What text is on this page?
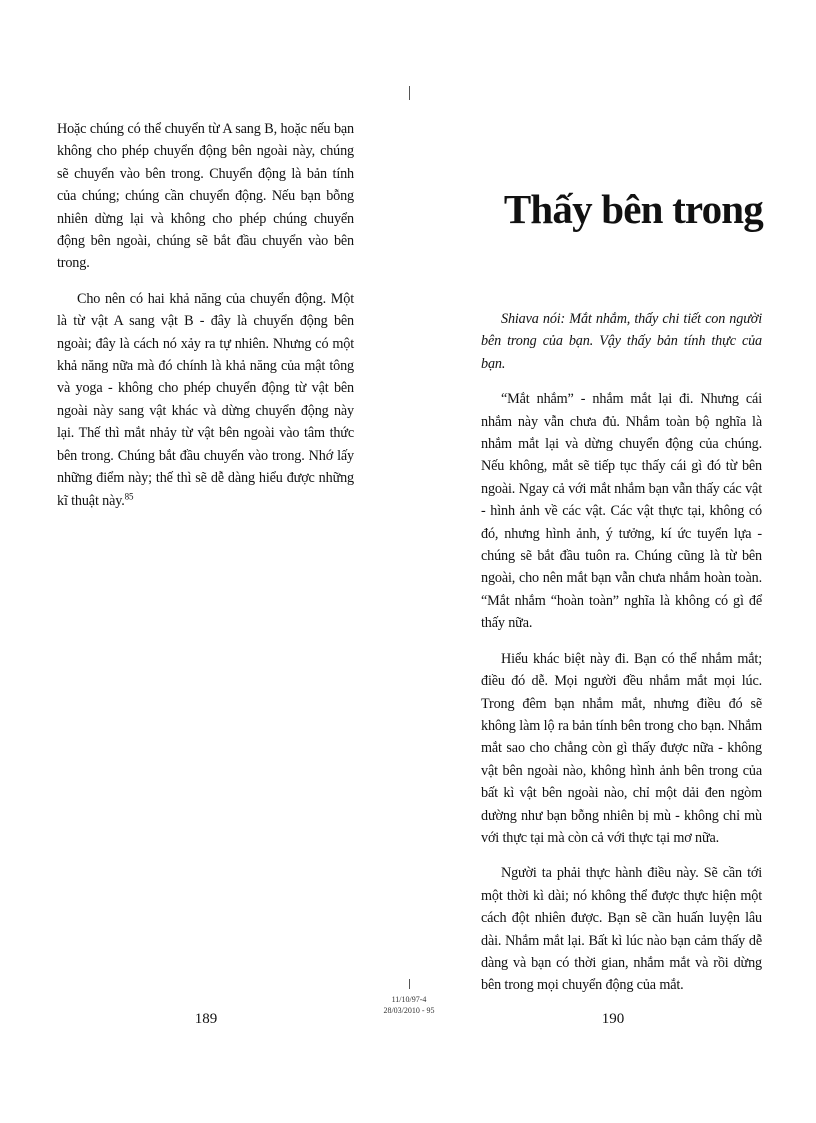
Hoặc chúng có thể chuyển từ A sang B, hoặc nếu bạn không cho phép chuyển động bên ngoài này, chúng sẽ chuyển vào bên trong. Chuyển động là bản tính của chúng; chúng cần chuyển động. Nếu bạn bỗng nhiên dừng lại và không cho phép chúng chuyển động bên ngoài, chúng sẽ bắt đầu chuyển vào bên trong.

Cho nên có hai khả năng của chuyển động. Một là từ vật A sang vật B - đây là chuyển động bên ngoài; đây là cách nó xảy ra tự nhiên. Nhưng có một khả năng nữa mà đó chính là khả năng của mật tông và yoga - không cho phép chuyển động từ vật bên ngoài này sang vật khác và dừng chuyển động này lại. Thế thì mắt nhảy từ vật bên ngoài vào tâm thức bên trong. Chúng bắt đầu chuyển vào trong. Nhớ lấy những điểm này; thế thì sẽ dễ dàng hiểu được những kĩ thuật này.$^{85}$

Thấy bên trong

Shiava nói: Mắt nhắm, thấy chi tiết con người bên trong của bạn. Vậy thấy bản tính thực của bạn.

“Mắt nhắm” - nhắm mắt lại đi. Nhưng cái nhắm này vẫn chưa đủ. Nhắm toàn bộ nghĩa là nhắm mắt lại và dừng chuyển động của chúng. Nếu không, mắt sẽ tiếp tục thấy cái gì đó từ bên ngoài. Ngay cả với mắt nhắm bạn vẫn thấy các vật - hình ảnh về các vật. Các vật thực tại, không có đó, nhưng hình ảnh, ý tưởng, kí ức tuyển lựa - chúng sẽ bắt đầu tuôn ra. Chúng cũng là từ bên ngoài, cho nên mắt bạn vẫn chưa nhắm hoàn toàn. “Mắt nhắm “hoàn toàn” nghĩa là không có gì để thấy nữa.

Hiểu khác biệt này đi. Bạn có thể nhắm mắt; điều đó dễ. Mọi người đều nhắm mắt mọi lúc. Trong đêm bạn nhắm mắt, nhưng điều đó sẽ không làm lộ ra bản tính bên trong cho bạn. Nhắm mắt sao cho chẳng còn gì thấy được nữa - không vật bên ngoài nào, không hình ảnh bên trong của bất kì vật bên ngoài nào, chỉ một dải đen ngòm dường như bạn bỗng nhiên bị mù - không chỉ mù với thực tại mà còn cả với thực tại mơ nữa.

Người ta phải thực hành điều này. Sẽ cần tới một thời kì dài; nó không thể được thực hiện một cách đột nhiên được. Bạn sẽ cần huấn luyện lâu dài. Nhắm mắt lại. Bất kì lúc nào bạn cảm thấy dễ dàng và bạn có thời gian, nhắm mắt và rồi dừng bên trong mọi chuyển động của mắt.

189	190
11/10/97-4
28/03/2010 - 95
